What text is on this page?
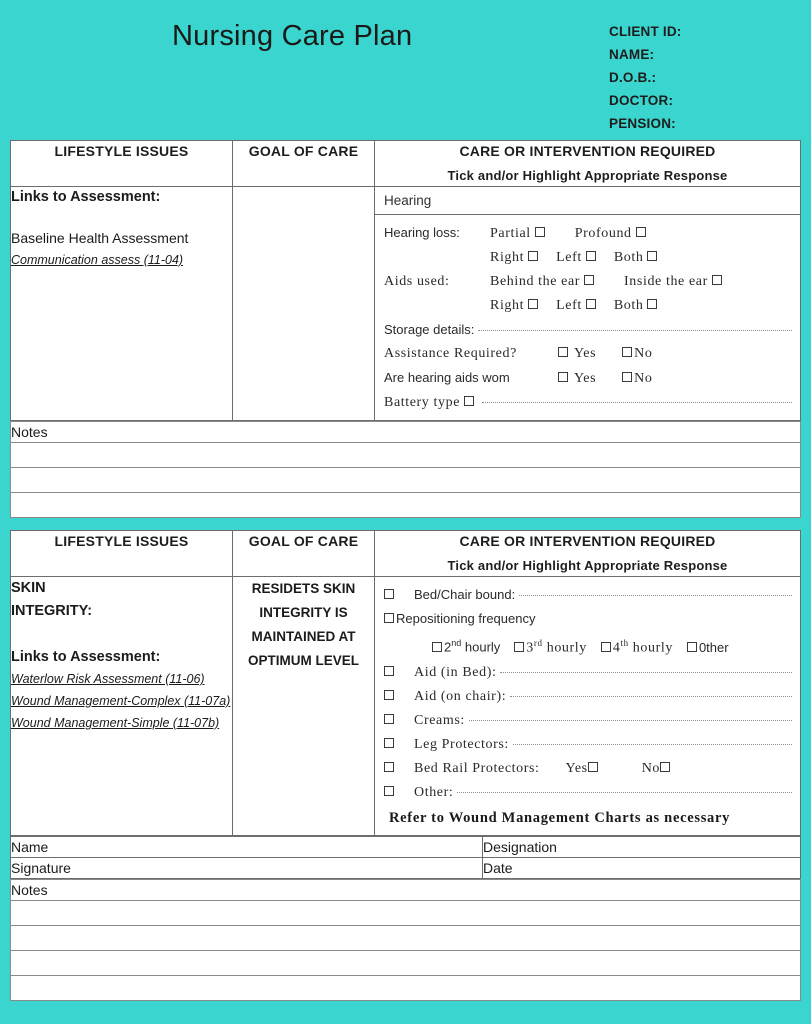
Nursing Care Plan	CLIENT ID:
NAME:
D.O.B.:
DOCTOR:
PENSION:
LIFESTYLE ISSUES	GOAL OF CARE	CARE OR INTERVENTION REQUIRED
Tick and/or Highlight Appropriate Response

Links to Assessment:
Baseline Health Assessment
Communication assess (11-04)

Hearing
Hearing loss:	Partial	Profound
Right Left Both
Aids used:	Behind the ear	Inside the ear
Right Left Both
Storage details:
Assistance Required?	Yes	No
Are hearing aids wom	Yes	No
Battery type
Notes

LIFESTYLE ISSUES	GOAL OF CARE	CARE OR INTERVENTION REQUIRED
Tick and/or Highlight Appropriate Response

SKIN
INTEGRITY:
Links to Assessment:
Waterlow Risk Assessment (11-06)
Wound Management-Complex (11-07a)
Wound Management-Simple (11-07b)

RESIDETS SKIN
INTEGRITY IS
MAINTAINED AT
OPTIMUM LEVEL

Bed/Chair bound:
Repositioning frequency
2nd hourly 3rd hourly 4th hourly 0ther
Aid (in Bed):
Aid (on chair):
Creams:
Leg Protectors:
Bed Rail Protectors: Yes	No
Other:
Refer to Wound Management Charts as necessary
Name	Designation
Signature	Date
Notes
